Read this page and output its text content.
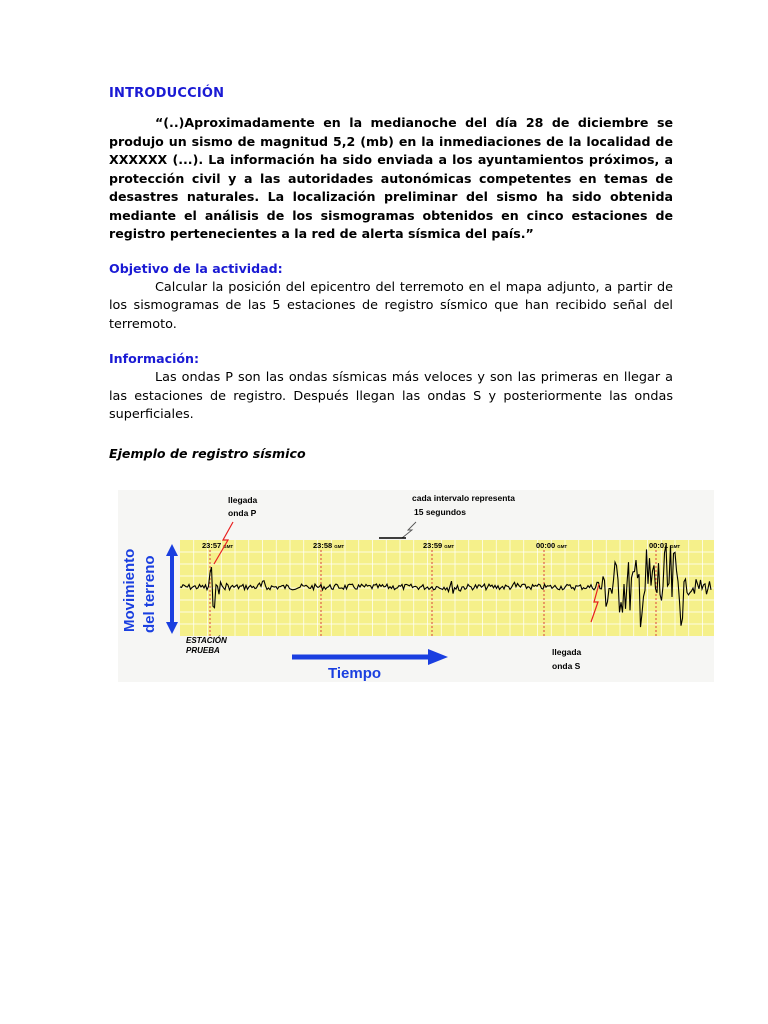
INTRODUCCIÓN

“(..)Aproximadamente en la medianoche del día 28 de diciembre se produjo un sismo de magnitud 5,2 (mb) en la inmediaciones de la localidad de XXXXXX (...). La información ha sido enviada a los ayuntamientos próximos, a protección civil y a las autoridades autonómicas competentes en temas de desastres naturales. La localización preliminar del sismo ha sido obtenida mediante el análisis de los sismogramas obtenidos en cinco estaciones de registro pertenecientes a la red de alerta sísmica del país.”

Objetivo de la actividad:

Calcular la posición del epicentro del terremoto en el mapa adjunto, a partir de los sismogramas de las 5 estaciones de registro sísmico que han recibido señal del terremoto.

Información:

Las ondas P son las ondas sísmicas más veloces y son las primeras en llegar a las estaciones de registro. Después llegan las ondas S y posteriormente las ondas superficiales.

Ejemplo de registro sísmico

23:57 GMT	23:58 GMT	23:59 GMT	00:00 GMT	00:01 GMT
llegada
onda P
cada intervalo representa
15 segundos
Movimiento del terreno
ESTACIÓN
PRUEBA
Tiempo
llegada
onda S
